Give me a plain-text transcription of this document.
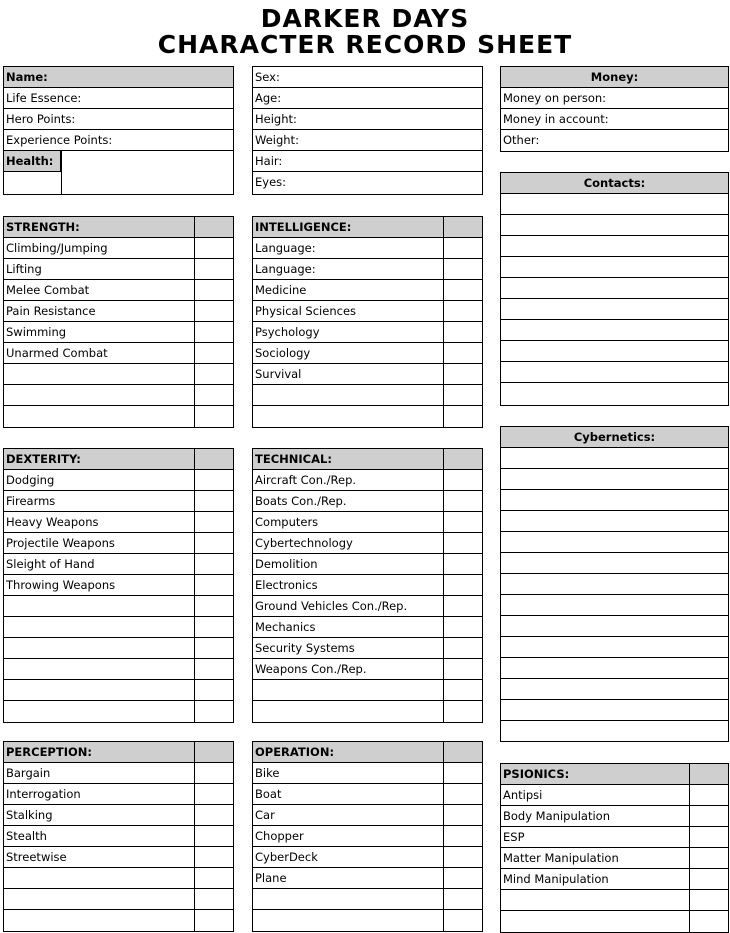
DARKER DAYS
CHARACTER RECORD SHEET
Name:
Life Essence:
Hero Points:
Experience Points:
Health:
Sex:
Age:
Height:
Weight:
Hair:
Eyes:
Money:
Money on person:
Money in account:
Other:
Contacts:
Cybernetics:
STRENGTH:
Climbing/Jumping
Lifting
Melee Combat
Pain Resistance
Swimming
Unarmed Combat
INTELLIGENCE:
Language:
Language:
Medicine
Physical Sciences
Psychology
Sociology
Survival
DEXTERITY:
Dodging
Firearms
Heavy Weapons
Projectile Weapons
Sleight of Hand
Throwing Weapons
TECHNICAL:
Aircraft Con./Rep.
Boats Con./Rep.
Computers
Cybertechnology
Demolition
Electronics
Ground Vehicles Con./Rep.
Mechanics
Security Systems
Weapons Con./Rep.
PERCEPTION:
Bargain
Interrogation
Stalking
Stealth
Streetwise
OPERATION:
Bike
Boat
Car
Chopper
CyberDeck
Plane
PSIONICS:
Antipsi
Body Manipulation
ESP
Matter Manipulation
Mind Manipulation
